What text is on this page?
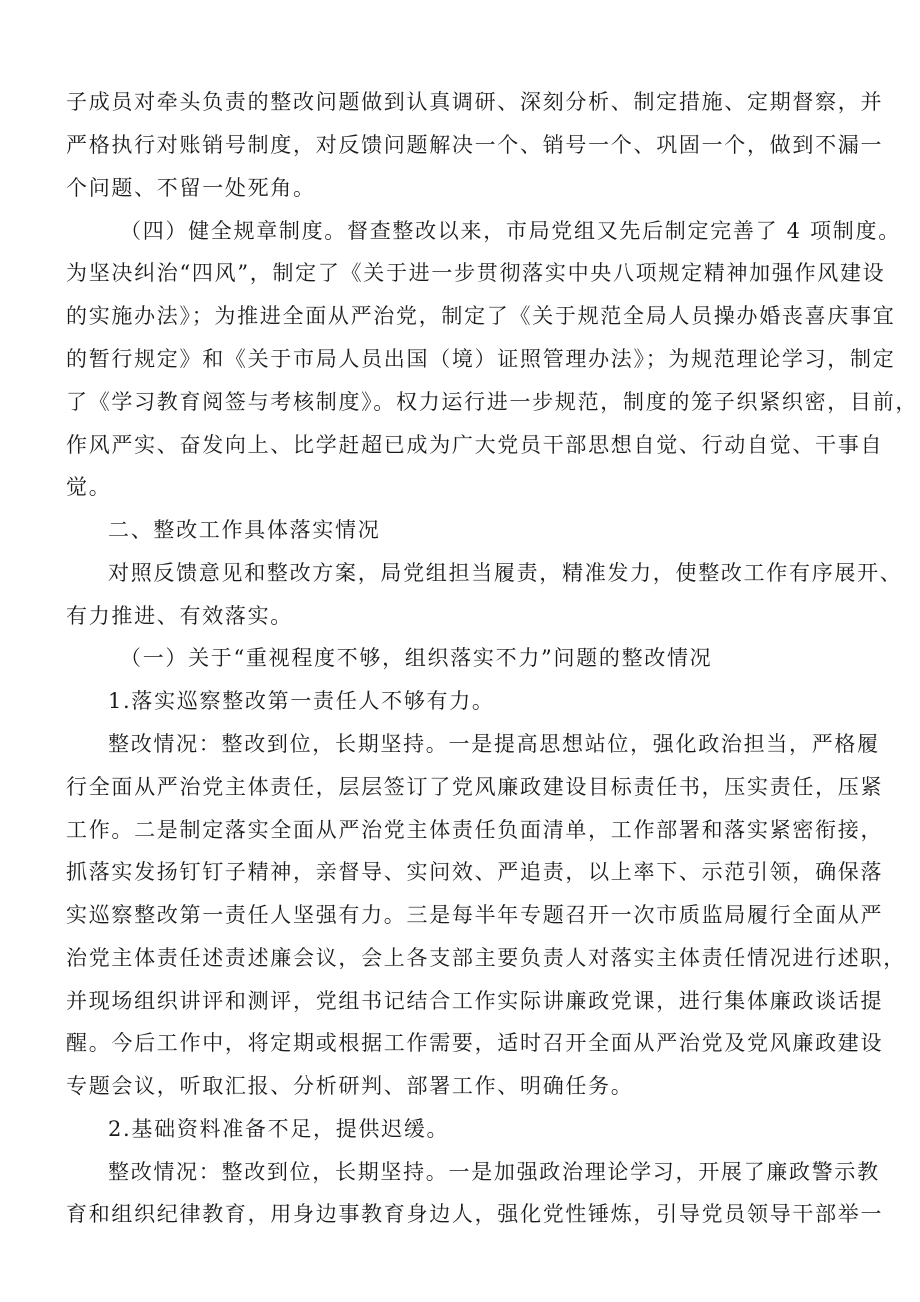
子成员对牵头负责的整改问题做到认真调研、深刻分析、制定措施、定期督察，并
严格执行对账销号制度，对反馈问题解决一个、销号一个、巩固一个，做到不漏一
个问题、不留一处死角。
（四）健全规章制度。督查整改以来，市局党组又先后制定完善了 4 项制度。
为坚决纠治“四风”，制定了《关于进一步贯彻落实中央八项规定精神加强作风建设
的实施办法》；为推进全面从严治党，制定了《关于规范全局人员操办婚丧喜庆事宜
的暂行规定》和《关于市局人员出国（境）证照管理办法》；为规范理论学习，制定
了《学习教育阅签与考核制度》。权力运行进一步规范，制度的笼子织紧织密，目前，
作风严实、奋发向上、比学赶超已成为广大党员干部思想自觉、行动自觉、干事自
觉。
二、整改工作具体落实情况
对照反馈意见和整改方案，局党组担当履责，精准发力，使整改工作有序展开、
有力推进、有效落实。
（一）关于“重视程度不够，组织落实不力”问题的整改情况
1.落实巡察整改第一责任人不够有力。
整改情况：整改到位，长期坚持。一是提高思想站位，强化政治担当，严格履
行全面从严治党主体责任，层层签订了党风廉政建设目标责任书，压实责任，压紧
工作。二是制定落实全面从严治党主体责任负面清单，工作部署和落实紧密衔接，
抓落实发扬钉钉子精神，亲督导、实问效、严追责，以上率下、示范引领，确保落
实巡察整改第一责任人坚强有力。三是每半年专题召开一次市质监局履行全面从严
治党主体责任述责述廉会议，会上各支部主要负责人对落实主体责任情况进行述职，
并现场组织讲评和测评，党组书记结合工作实际讲廉政党课，进行集体廉政谈话提
醒。今后工作中，将定期或根据工作需要，适时召开全面从严治党及党风廉政建设
专题会议，听取汇报、分析研判、部署工作、明确任务。
2.基础资料准备不足，提供迟缓。
整改情况：整改到位，长期坚持。一是加强政治理论学习，开展了廉政警示教
育和组织纪律教育，用身边事教育身边人，强化党性锤炼，引导党员领导干部举一
